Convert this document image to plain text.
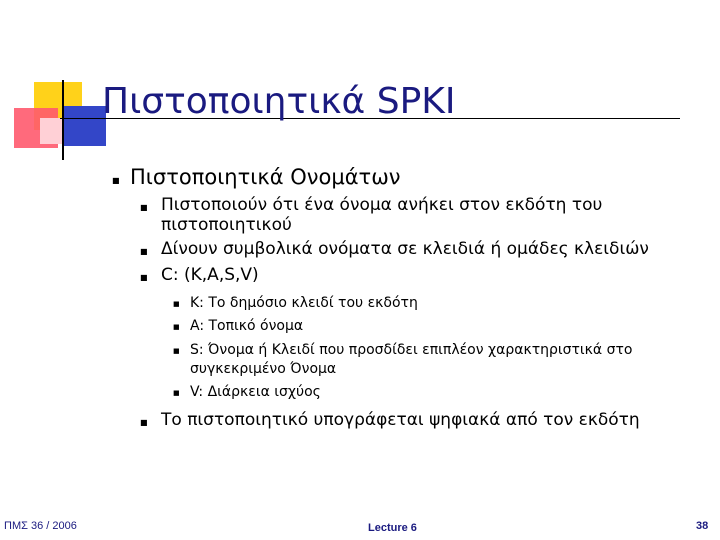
Πιστοποιητικά SPKI
■ Πιστοποιητικά Ονομάτων
■ Πιστοποιούν ότι ένα όνομα ανήκει στον εκδότη του
πιστοποιητικού
■ Δίνουν συμβολικά ονόματα σε κλειδιά ή ομάδες κλειδιών
■ C: (K,A,S,V)
■ K: Το δημόσιο κλειδί του εκδότη
■ A: Τοπικό όνομα
■ S: Όνομα ή Κλειδί που προσδίδει επιπλέον χαρακτηριστικά στο
συγκεκριμένο Όνομα
■ V: Διάρκεια ισχύος
■ Το πιστοποιητικό υπογράφεται ψηφιακά από τον εκδότη
ΠΜΣ 36 / 2006	Lecture 6	38
